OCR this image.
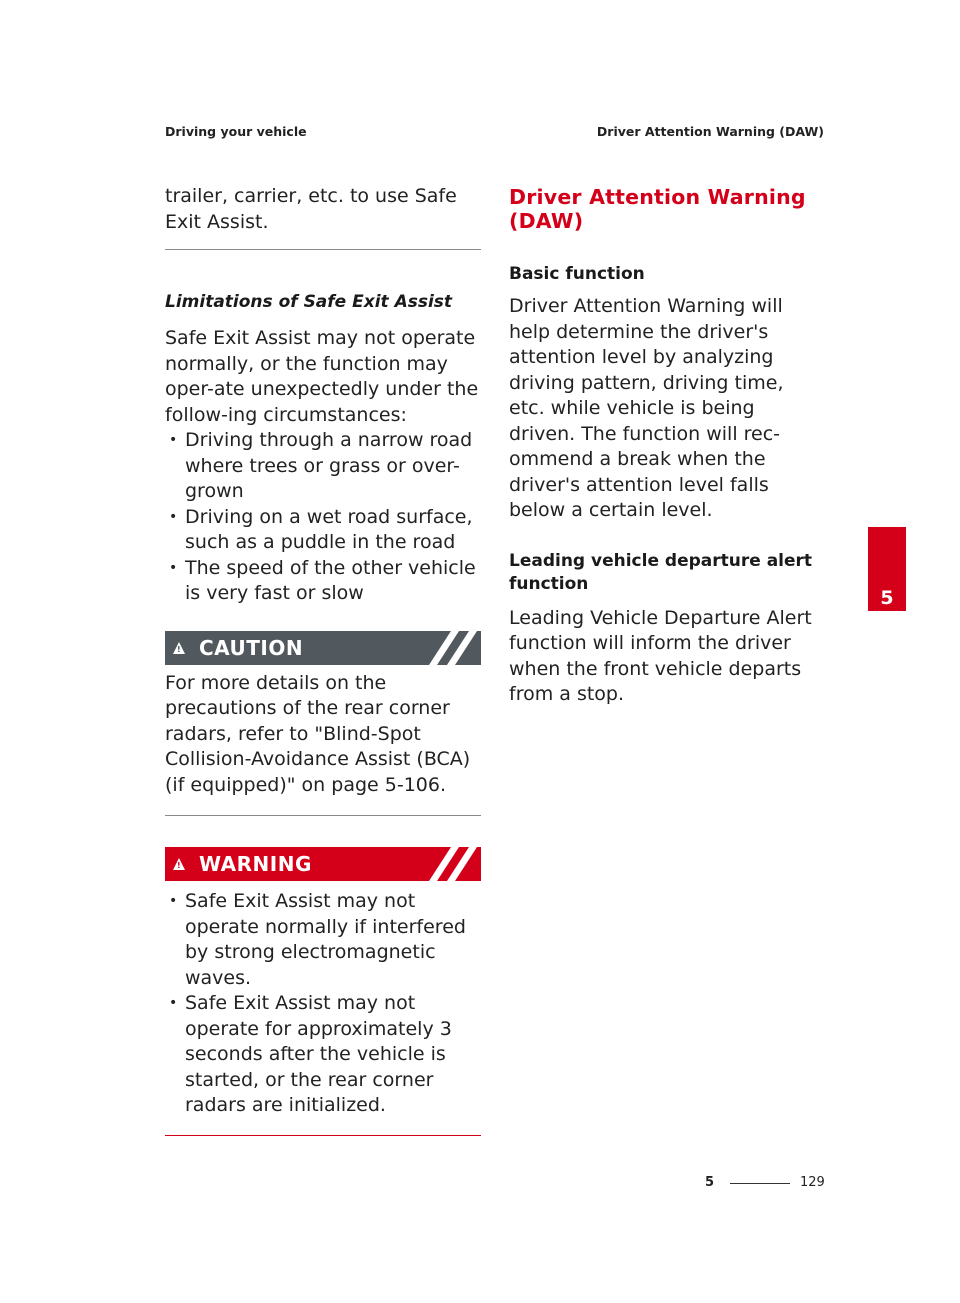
Driving your vehicle	Driver Attention Warning (DAW)

trailer, carrier, etc. to use Safe Exit Assist.

Limitations of Safe Exit Assist

Safe Exit Assist may not operate normally, or the function may oper-ate unexpectedly under the follow-ing circumstances:

• Driving through a narrow road where trees or grass or over-grown
• Driving on a wet road surface, such as a puddle in the road
• The speed of the other vehicle is very fast or slow
! CAUTION

For more details on the precautions of the rear corner radars, refer to "Blind-Spot Collision-Avoidance Assist (BCA) (if equipped)" on page 5-106.

! WARNING
• Safe Exit Assist may not operate normally if interfered by strong electromagnetic waves.
• Safe Exit Assist may not operate for approximately 3 seconds after the vehicle is started, or the rear corner radars are initialized.

Driver Attention Warning (DAW)

Basic function

Driver Attention Warning will help determine the driver's attention level by analyzing driving pattern, driving time, etc. while vehicle is being driven. The function will rec-ommend a break when the driver's attention level falls below a certain level.

Leading vehicle departure alert function

Leading Vehicle Departure Alert function will inform the driver when the front vehicle departs from a stop.

5
5	129
